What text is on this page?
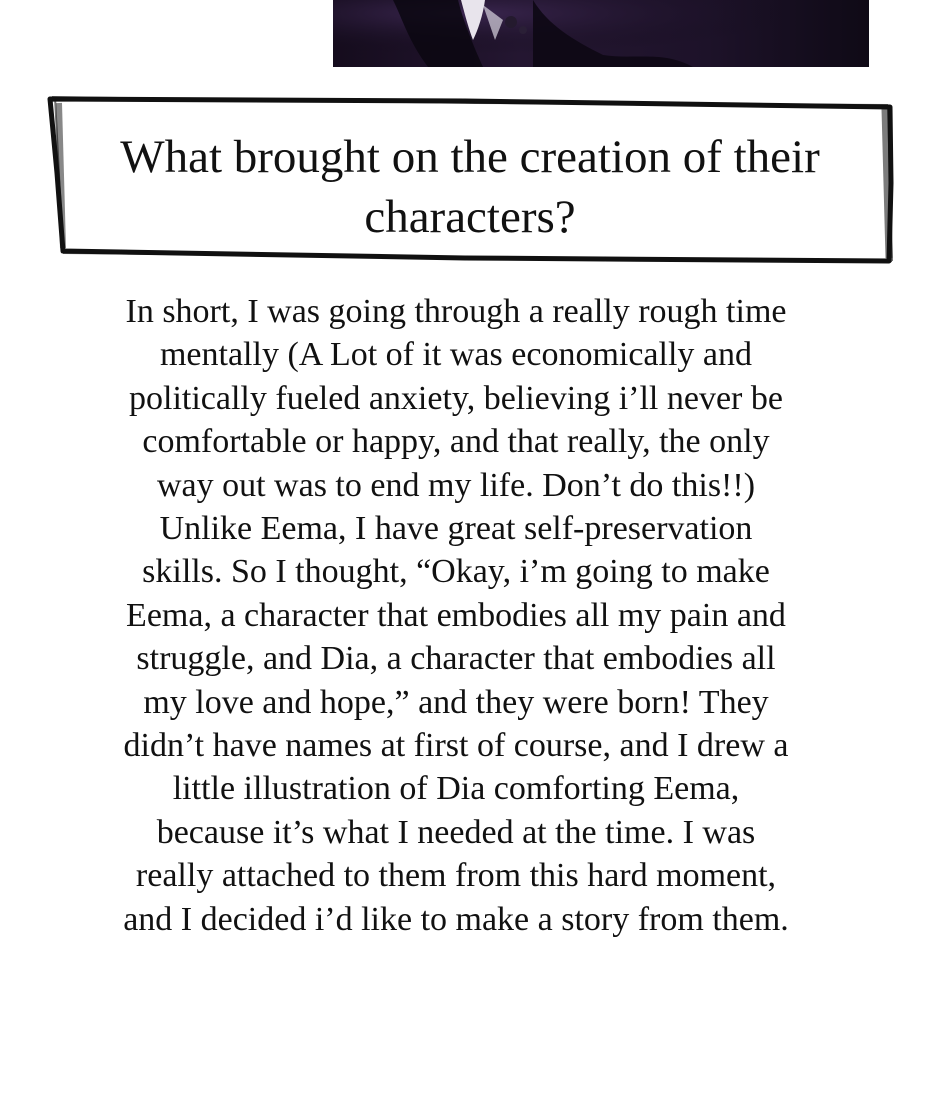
What brought on the creation of their characters?

In short, I was going through a really rough time mentally (A Lot of it was economically and politically fueled anxiety, believing i’ll never be comfortable or happy, and that really, the only way out was to end my life. Don’t do this!!)

Unlike Eema, I have great self-preservation skills. So I thought, “Okay, i’m going to make Eema, a character that embodies all my pain and struggle, and Dia, a character that embodies all my love and hope,” and they were born! They didn’t have names at first of course, and I drew a little illustration of Dia comforting Eema, because it’s what I needed at the time. I was really attached to them from this hard moment, and I decided i’d like to make a story from them.
